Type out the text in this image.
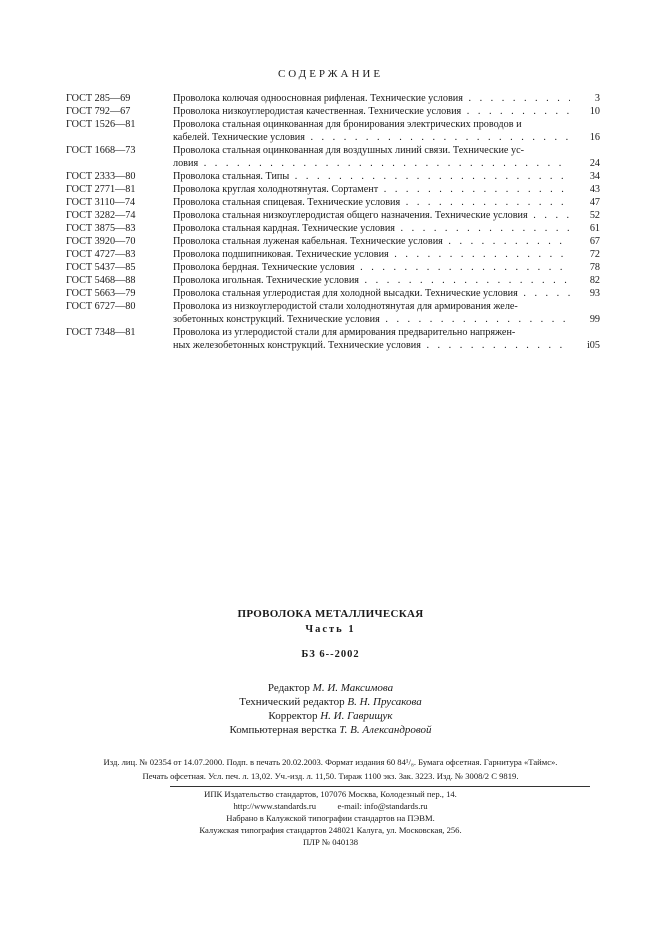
СОДЕРЖАНИЕ
ГОСТ 285—69	Проволока колючая одноосновная рифленая. Технические условия . . .	3
ГОСТ 792—67	Проволока низкоуглеродистая качественная. Технические условия . . .	10
ГОСТ 1526—81	Проволока стальная оцинкованная для бронирования электрических проводов и
кабелей. Технические условия . . .	16
ГОСТ 1668—73	Проволока стальная оцинкованная для воздушных линий связи. Технические ус-
ловия . . .	24
ГОСТ 2333—80	Проволока стальная. Типы . . .	34
ГОСТ 2771—81	Проволока круглая холоднотянутая. Сортамент . . .	43
ГОСТ 3110—74	Проволока стальная спицевая. Технические условия . . .	47
ГОСТ 3282—74	Проволока стальная низкоуглеродистая общего назначения. Технические условия . . .	52
ГОСТ 3875—83	Проволока стальная кардная. Технические условия . . .	61
ГОСТ 3920—70	Проволока стальная луженая кабельная. Технические условия . . .	67
ГОСТ 4727—83	Проволока подшипниковая. Технические условия . . .	72
ГОСТ 5437—85	Проволока бердная. Технические условия . . .	78
ГОСТ 5468—88	Проволока игольная. Технические условия . . .	82
ГОСТ 5663—79	Проволока стальная углеродистая для холодной высадки. Технические условия . . .	93
ГОСТ 6727—80	Проволока из низкоуглеродистой стали холоднотянутая для армирования желе-
зобетонных конструкций. Технические условия . . .	99
ГОСТ 7348—81	Проволока из углеродистой стали для армирования предварительно напряжен-
ных железобетонных конструкций. Технические условия . . .	i05
ПРОВОЛОКА МЕТАЛЛИЧЕСКАЯ
Часть 1
БЗ 6--2002
Редактор М. И. Максимова
Технический редактор В. Н. Прусакова
Корректор Н. И. Гаврищук
Компьютерная верстка Т. В. Александровой
Изд. лиц. № 02354 от 14.07.2000. Подп. в печать 20.02.2003. Формат издания 60 84¹/₈. Бумага офсетная. Гарнитура «Таймс».
Печать офсетная. Усл. печ. л. 13,02. Уч.-изд. л. 11,50. Тираж 1100 экз. Зак. 3223. Изд. № 3008/2 С 9819.
ИПК Издательство стандартов, 107076 Москва, Колодезный пер., 14.
http://www.standards.ru          e-mail: info@standards.ru
Набрано в Калужской типографии стандартов на ПЭВМ.
Калужская типография стандартов 248021 Калуга, ул. Московская, 256.
ПЛР № 040138
